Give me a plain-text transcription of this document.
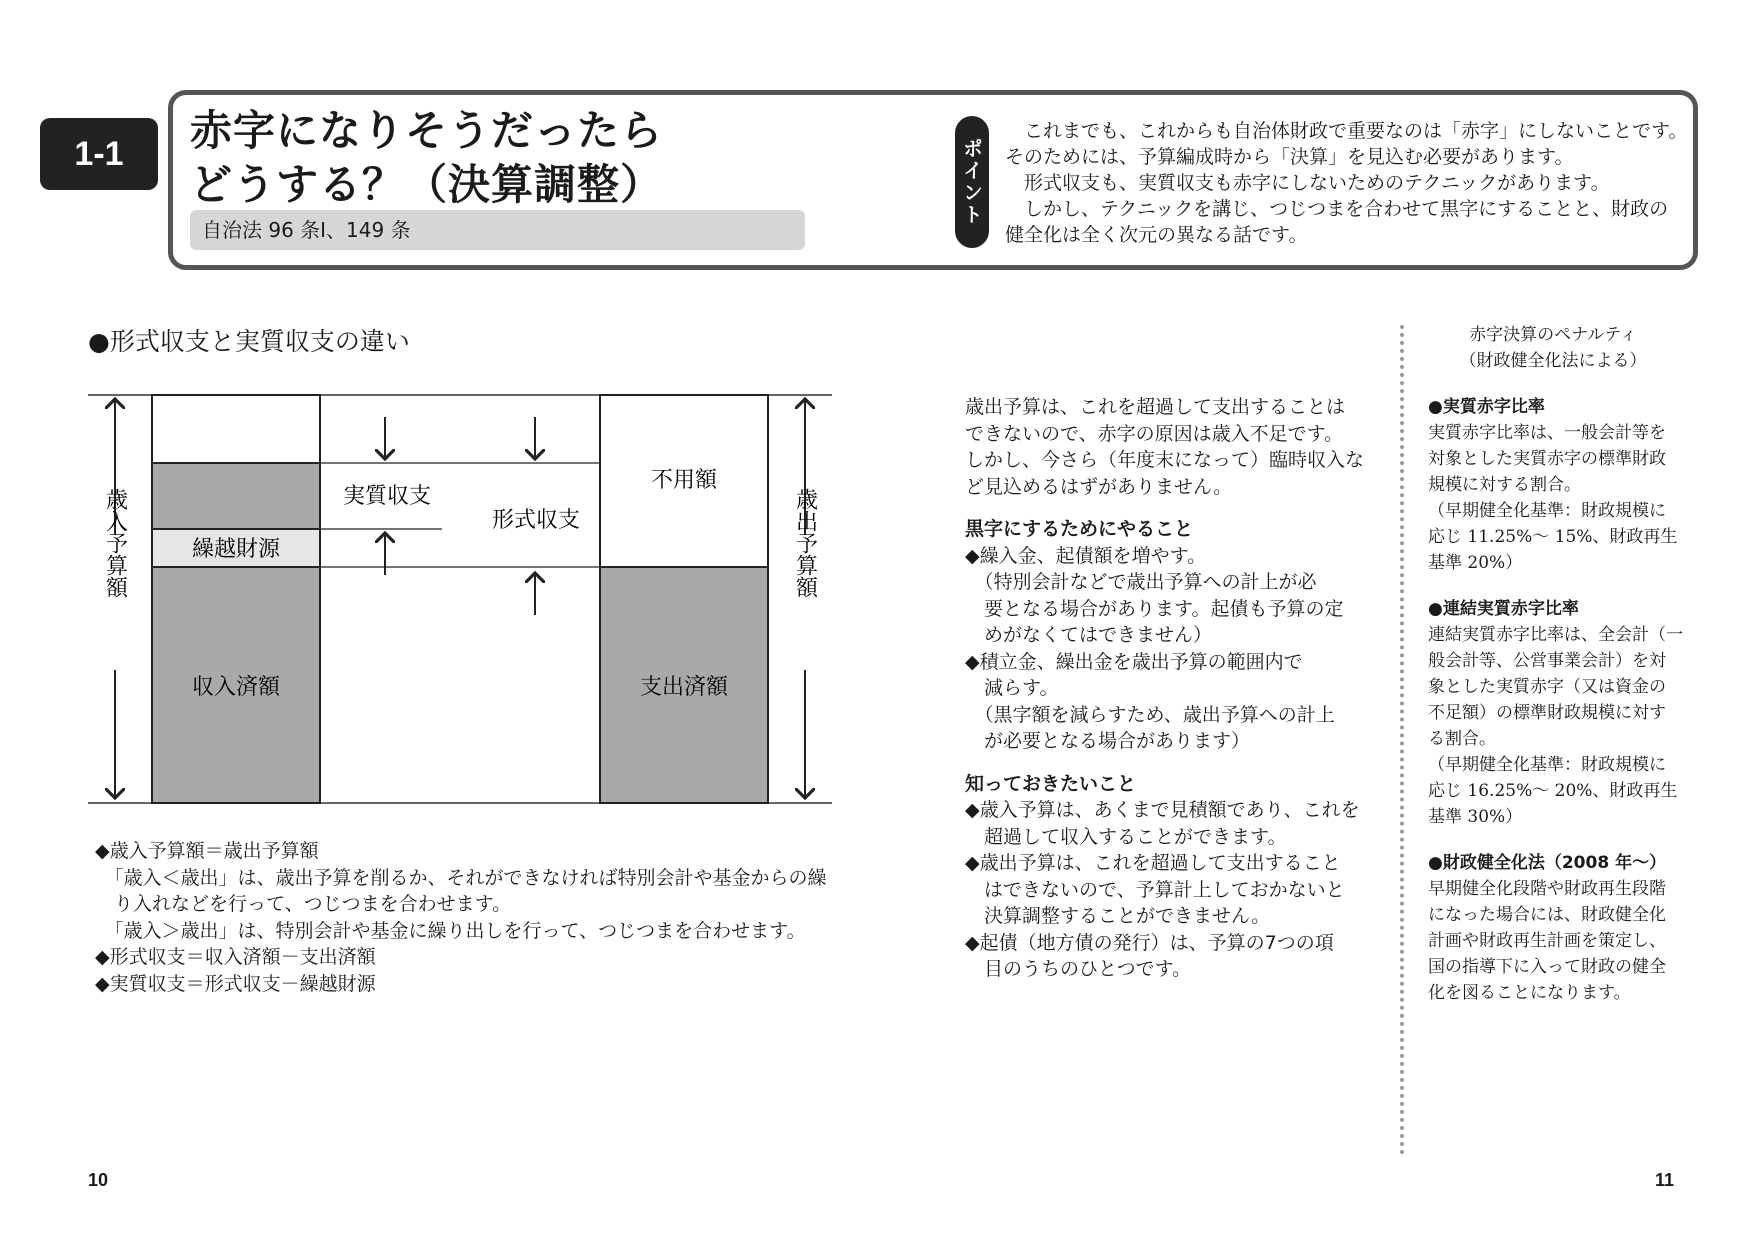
1-1	赤字になりそうだったら
どうする？（決算調整）
自治法 96 条Ⅰ、149 条
ポイント

　これまでも、これからも自治体財政で重要なのは「赤字」にしないことです。

そのためには、予算編成時から「決算」を見込む必要があります。

　形式収支も、実質収支も赤字にしないためのテクニックがあります。

　しかし、テクニックを講じ、つじつまを合わせて黒字にすることと、財政の

健全化は全く次元の異なる話です。

●形式収支と実質収支の違い
繰越財源
収入済額
不用額
支出済額
実質収支
形式収支
歳入予算額	歳出予算額

◆歳入予算額＝歳出予算額

　「歳入＜歳出」は、歳出予算を削るか、それができなければ特別会計や基金からの繰

　り入れなどを行って、つじつまを合わせます。

　「歳入＞歳出」は、特別会計や基金に繰り出しを行って、つじつまを合わせます。

◆形式収支＝収入済額－支出済額

◆実質収支＝形式収支－繰越財源

歳出予算は、これを超過して支出することは

できないので、赤字の原因は歳入不足です。

しかし、今さら（年度末になって）臨時収入な

ど見込めるはずがありません。

黒字にするためにやること

◆繰入金、起債額を増やす。

　（特別会計などで歳出予算への計上が必

　要となる場合があります。起債も予算の定

　めがなくてはできません）

◆積立金、繰出金を歳出予算の範囲内で

　減らす。

　（黒字額を減らすため、歳出予算への計上

　が必要となる場合があります）

知っておきたいこと

◆歳入予算は、あくまで見積額であり、これを

　超過して収入することができます。

◆歳出予算は、これを超過して支出すること

　はできないので、予算計上しておかないと

　決算調整することができません。

◆起債（地方債の発行）は、予算の7つの項

　目のうちのひとつです。

赤字決算のペナルティ

（財政健全化法による）

●実質赤字比率

実質赤字比率は、一般会計等を

対象とした実質赤字の標準財政

規模に対する割合。

（早期健全化基準：財政規模に

応じ 11.25%～ 15%、財政再生

基準 20%）

●連結実質赤字比率

連結実質赤字比率は、全会計（一

般会計等、公営事業会計）を対

象とした実質赤字（又は資金の

不足額）の標準財政規模に対す

る割合。

（早期健全化基準：財政規模に

応じ 16.25%～ 20%、財政再生

基準 30%）

●財政健全化法（2008 年～）

早期健全化段階や財政再生段階

になった場合には、財政健全化

計画や財政再生計画を策定し、

国の指導下に入って財政の健全

化を図ることになります。

10	11
